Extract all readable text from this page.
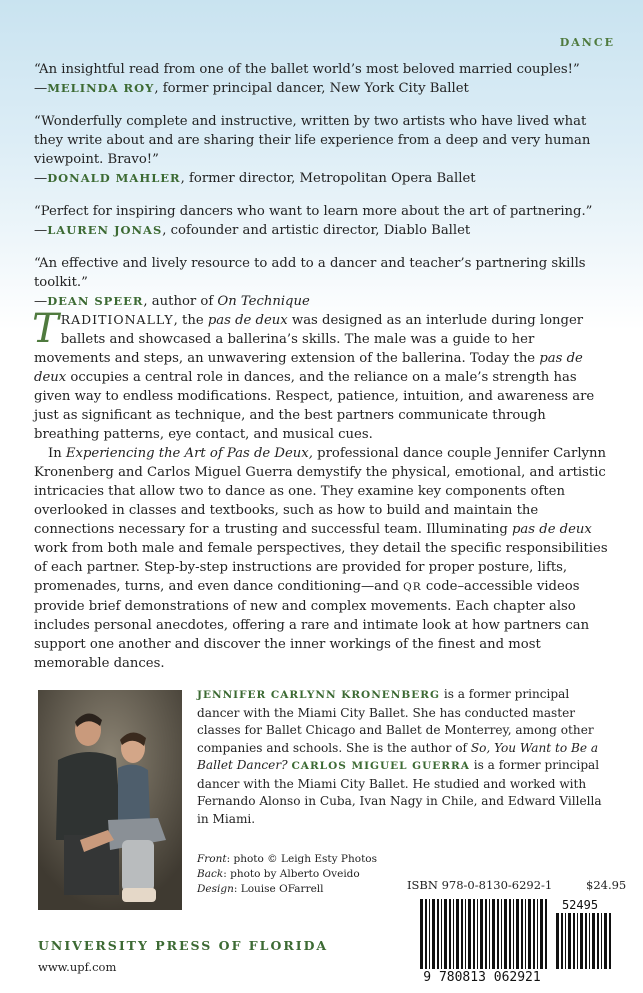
DANCE
“An insightful read from one of the ballet world’s most beloved married couples!”
—MELINDA ROY, former principal dancer, New York City Ballet
“Wonderfully complete and instructive, written by two artists who have lived what they write about and are sharing their life experience from a deep and very human viewpoint. Bravo!”
—DONALD MAHLER, former director, Metropolitan Opera Ballet
“Perfect for inspiring dancers who want to learn more about the art of partnering.”
—LAUREN JONAS, cofounder and artistic director, Diablo Ballet
“An effective and lively resource to add to a dancer and teacher’s partnering skills toolkit.”
—DEAN SPEER, author of On Technique

TRADITIONALLY, the pas de deux was designed as an interlude during longer ballets and showcased a ballerina’s skills. The male was a guide to her movements and steps, an unwavering extension of the ballerina. Today the pas de deux occupies a central role in dances, and the reliance on a male’s strength has given way to endless modifications. Respect, patience, intuition, and awareness are just as significant as technique, and the best partners communicate through breathing patterns, eye contact, and musical cues.

In Experiencing the Art of Pas de Deux, professional dance couple Jennifer Carlynn Kronenberg and Carlos Miguel Guerra demystify the physical, emotional, and artistic intricacies that allow two to dance as one. They examine key components often overlooked in classes and textbooks, such as how to build and maintain the connections necessary for a trusting and successful team. Illuminating pas de deux work from both male and female perspectives, they detail the specific responsibilities of each partner. Step-by-step instructions are provided for proper posture, lifts, promenades, turns, and even dance conditioning—and QR code–accessible videos provide brief demonstrations of new and complex movements. Each chapter also includes personal anecdotes, offering a rare and intimate look at how partners can support one another and discover the inner workings of the finest and most memorable dances.

JENNIFER CARLYNN KRONENBERG is a former principal dancer with the Miami City Ballet. She has conducted master classes for Ballet Chicago and Ballet de Monterrey, among other companies and schools. She is the author of So, You Want to Be a Ballet Dancer? CARLOS MIGUEL GUERRA is a former principal dancer with the Miami City Ballet. He studied and worked with Fernando Alonso in Cuba, Ivan Nagy in Chile, and Edward Villella in Miami.

Front: photo © Leigh Esty Photos
Back: photo by Alberto Oveido
Design: Louise OFarrell	ISBN 978-0-8130-6292-1	$24.95
52495
9 780813 062921
UNIVERSITY PRESS OF FLORIDA
www.upf.com
